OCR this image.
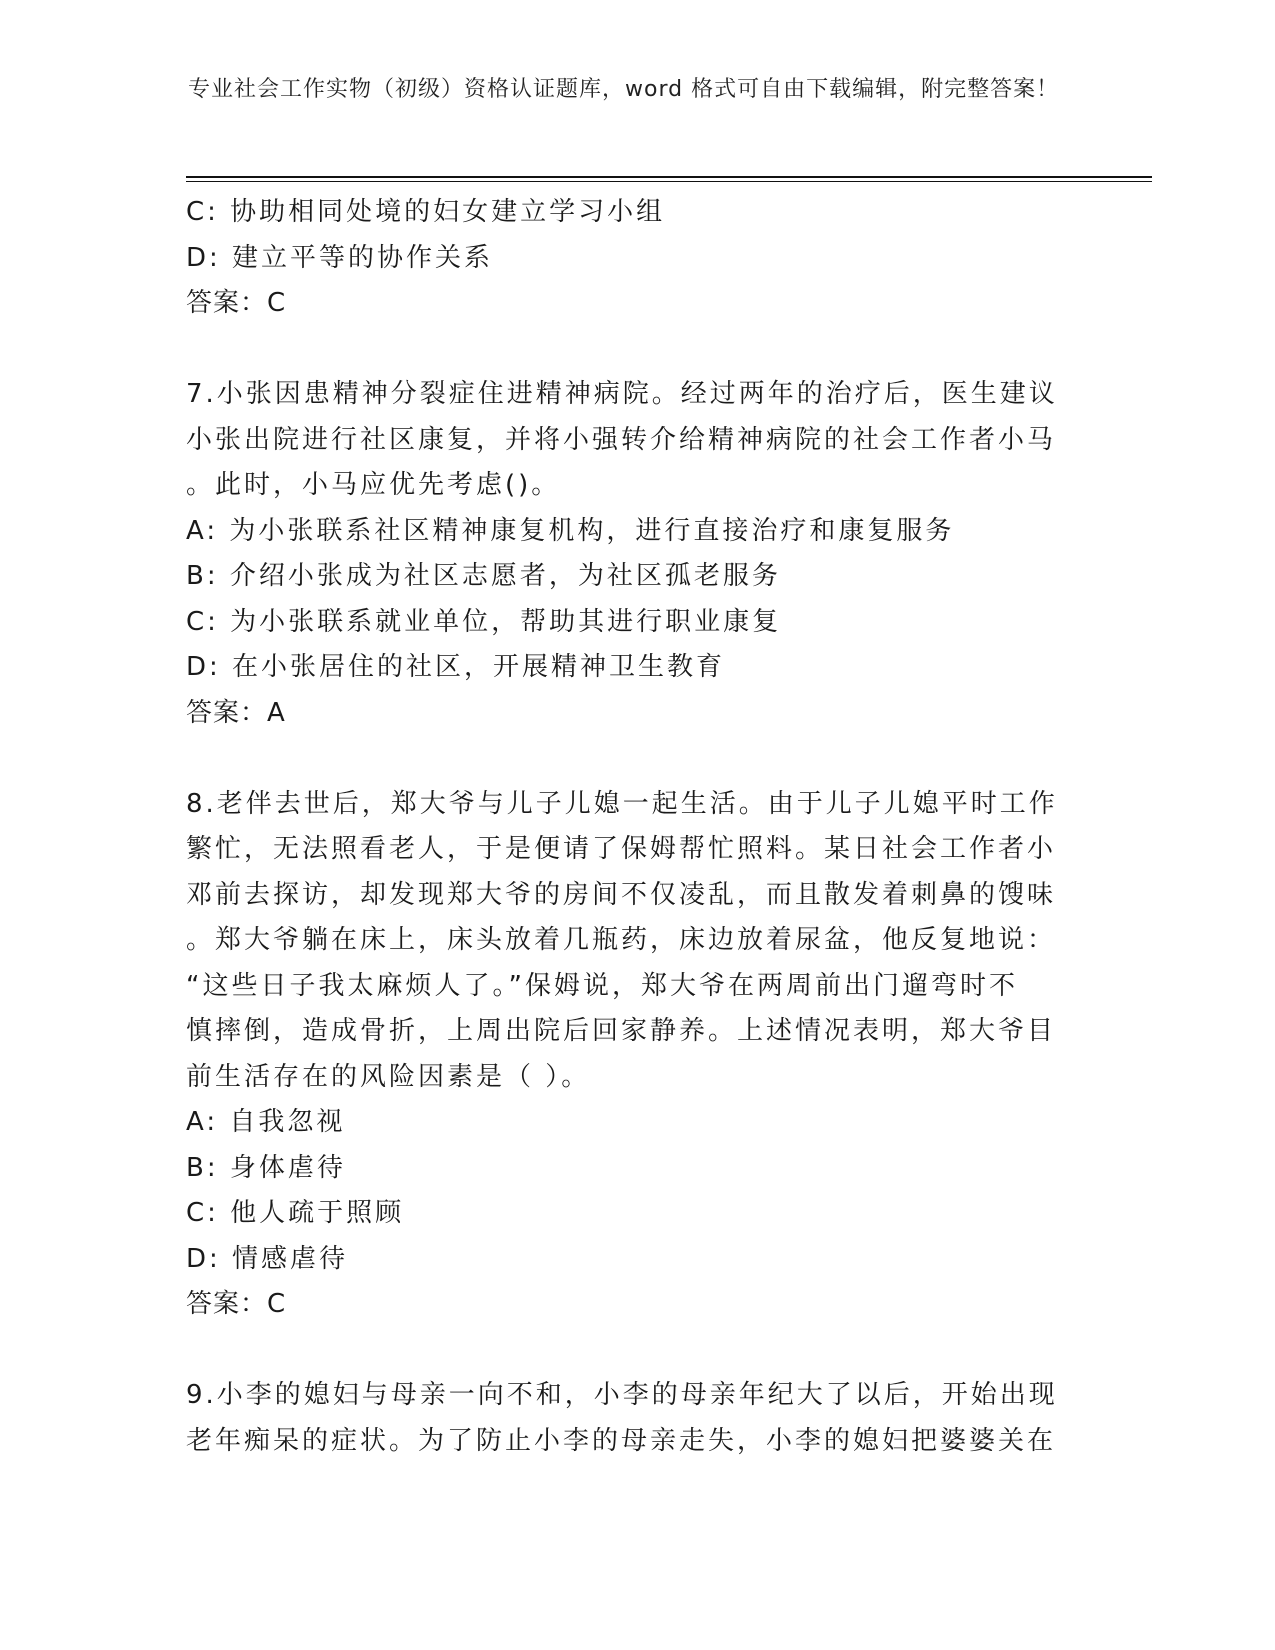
专业社会工作实物（初级）资格认证题库，word 格式可自由下载编辑，附完整答案！
C: 协助相同处境的妇女建立学习小组
D: 建立平等的协作关系
答案：C
7.小张因患精神分裂症住进精神病院。经过两年的治疗后，医生建议
小张出院进行社区康复，并将小强转介给精神病院的社会工作者小马
。此时，小马应优先考虑()。
A: 为小张联系社区精神康复机构，进行直接治疗和康复服务
B: 介绍小张成为社区志愿者，为社区孤老服务
C: 为小张联系就业单位，帮助其进行职业康复
D: 在小张居住的社区，开展精神卫生教育
答案：A
8.老伴去世后，郑大爷与儿子儿媳一起生活。由于儿子儿媳平时工作
繁忙，无法照看老人，于是便请了保姆帮忙照料。某日社会工作者小
邓前去探访，却发现郑大爷的房间不仅凌乱，而且散发着刺鼻的馊味
。郑大爷躺在床上，床头放着几瓶药，床边放着尿盆，他反复地说：
“这些日子我太麻烦人了。”保姆说，郑大爷在两周前出门遛弯时不
慎摔倒，造成骨折，上周出院后回家静养。上述情况表明，郑大爷目
前生活存在的风险因素是（ ）。
A: 自我忽视
B: 身体虐待
C: 他人疏于照顾
D: 情感虐待
答案：C
9.小李的媳妇与母亲一向不和，小李的母亲年纪大了以后，开始出现
老年痴呆的症状。为了防止小李的母亲走失，小李的媳妇把婆婆关在
